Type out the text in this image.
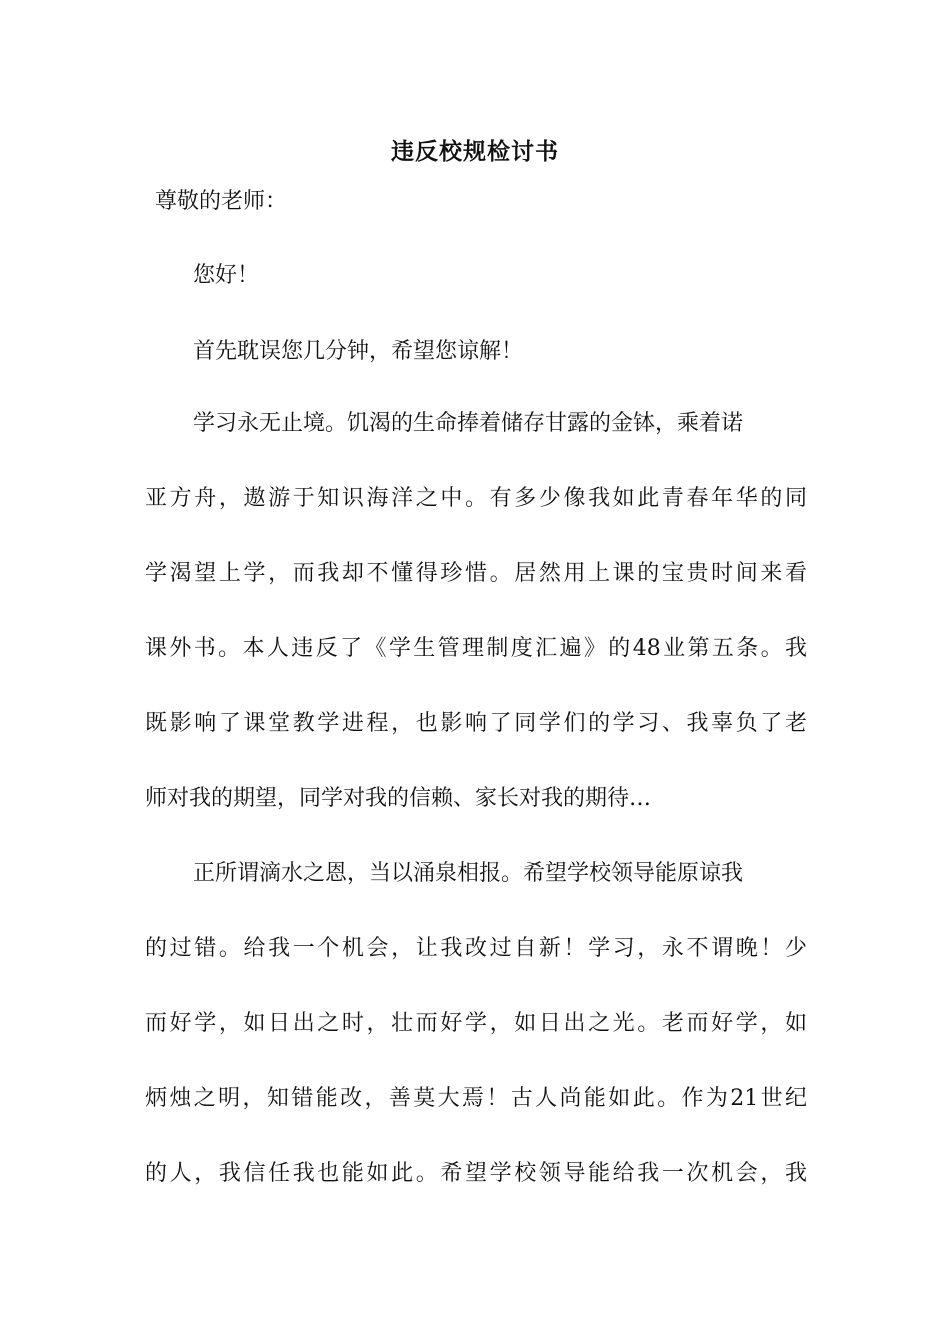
违反校规检讨书
尊敬的老师：
您好！
首先耽误您几分钟，希望您谅解！
学习永无止境。饥渴的生命捧着储存甘露的金钵，乘着诺
亚方舟，遨游于知识海洋之中。有多少像我如此青春年华的同
学渴望上学，而我却不懂得珍惜。居然用上课的宝贵时间来看
课外书。本人违反了《学生管理制度汇遍》的48业第五条。我
既影响了课堂教学进程，也影响了同学们的学习、我辜负了老
师对我的期望，同学对我的信赖、家长对我的期待…
正所谓滴水之恩，当以涌泉相报。希望学校领导能原谅我
的过错。给我一个机会，让我改过自新！学习，永不谓晚！少
而好学，如日出之时，壮而好学，如日出之光。老而好学，如
炳烛之明，知错能改，善莫大焉！古人尚能如此。作为21世纪
的人，我信任我也能如此。希望学校领导能给我一次机会，我
